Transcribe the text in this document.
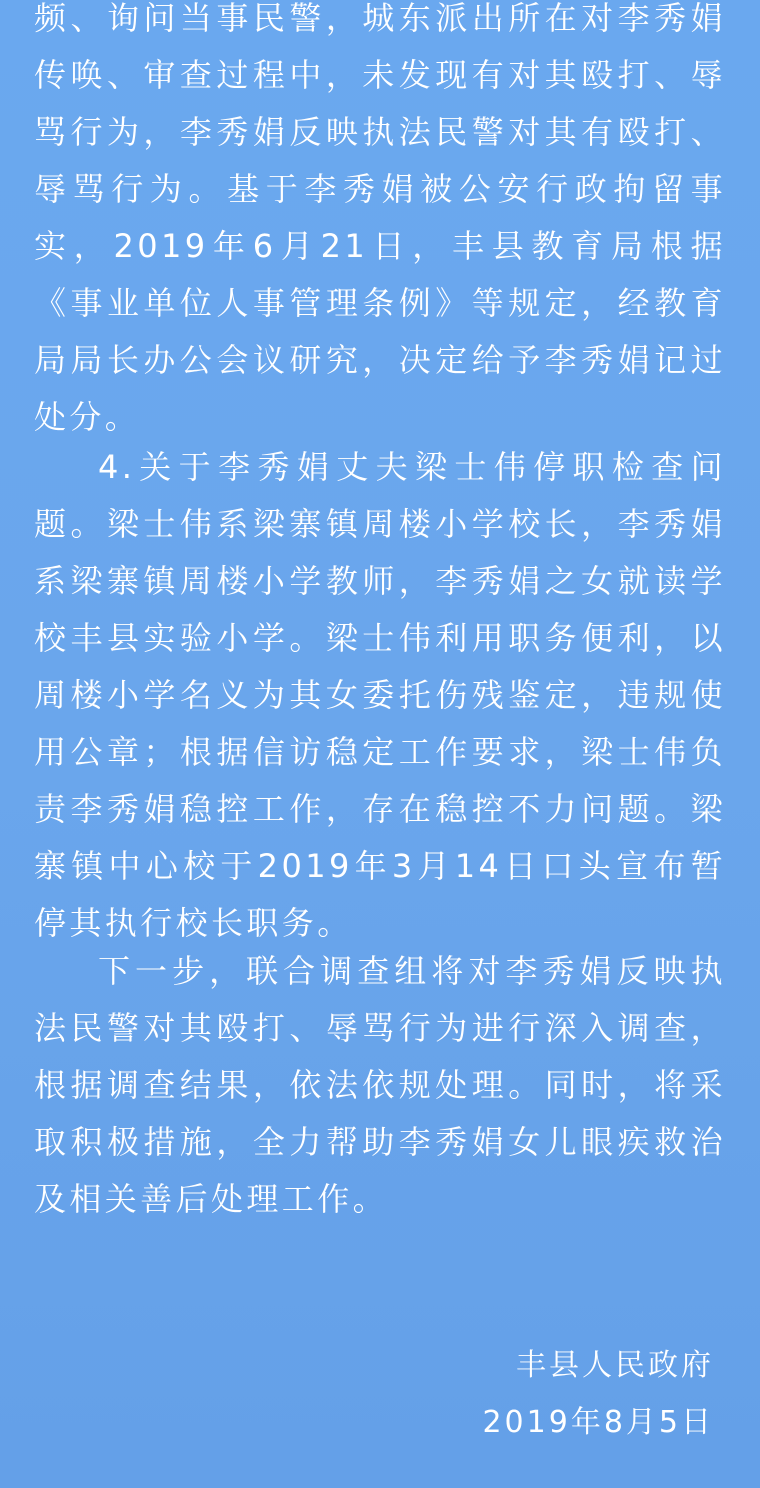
频、询问当事民警，城东派出所在对李秀娟传唤、审查过程中，未发现有对其殴打、辱骂行为，李秀娟反映执法民警对其有殴打、辱骂行为。基于李秀娟被公安行政拘留事实，2019年6月21日，丰县教育局根据《事业单位人事管理条例》等规定，经教育局局长办公会议研究，决定给予李秀娟记过处分。
4.关于李秀娟丈夫梁士伟停职检查问题。梁士伟系梁寨镇周楼小学校长，李秀娟系梁寨镇周楼小学教师，李秀娟之女就读学校丰县实验小学。梁士伟利用职务便利，以周楼小学名义为其女委托伤残鉴定，违规使用公章；根据信访稳定工作要求，梁士伟负责李秀娟稳控工作，存在稳控不力问题。梁寨镇中心校于2019年3月14日口头宣布暂停其执行校长职务。
下一步，联合调查组将对李秀娟反映执法民警对其殴打、辱骂行为进行深入调查，根据调查结果，依法依规处理。同时，将采取积极措施，全力帮助李秀娟女儿眼疾救治及相关善后处理工作。
丰县人民政府
2019年8月5日
